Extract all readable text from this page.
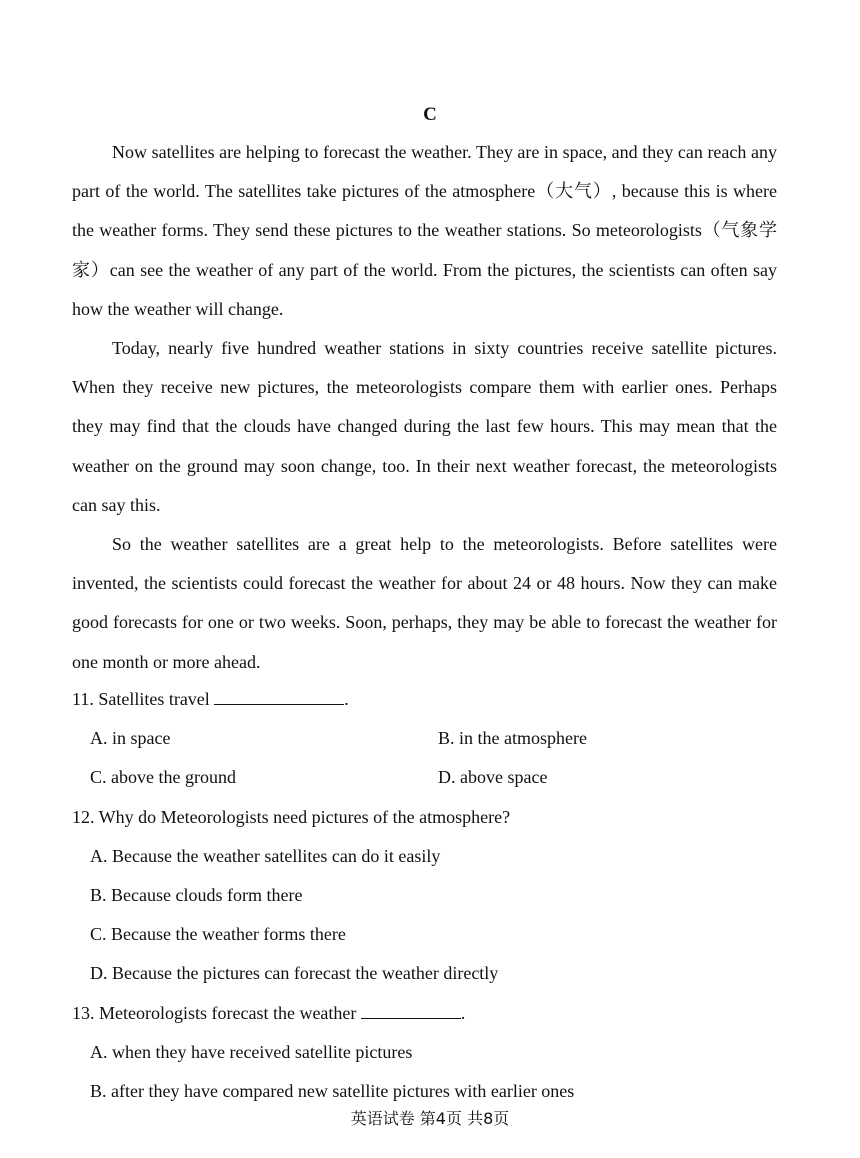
C

Now satellites are helping to forecast the weather. They are in space, and they can reach any part of the world. The satellites take pictures of the atmosphere（大气）, because this is where the weather forms. They send these pictures to the weather stations. So meteorologists（气象学家）can see the weather of any part of the world. From the pictures, the scientists can often say how the weather will change.

Today, nearly five hundred weather stations in sixty countries receive satellite pictures. When they receive new pictures, the meteorologists compare them with earlier ones. Perhaps they may find that the clouds have changed during the last few hours. This may mean that the weather on the ground may soon change, too. In their next weather forecast, the meteorologists can say this.

So the weather satellites are a great help to the meteorologists. Before satellites were invented, the scientists could forecast the weather for about 24 or 48 hours. Now they can make good forecasts for one or two weeks. Soon, perhaps, they may be able to forecast the weather for one month or more ahead.

11. Satellites travel	.

A. in space	B. in the atmosphere

C. above the ground	D. above space

12. Why do Meteorologists need pictures of the atmosphere?

A. Because the weather satellites can do it easily

B. Because clouds form there

C. Because the weather forms there

D. Because the pictures can forecast the weather directly

13. Meteorologists forecast the weather	.

A. when they have received satellite pictures

B. after they have compared new satellite pictures with earlier ones

英语试卷 第4页 共8页
